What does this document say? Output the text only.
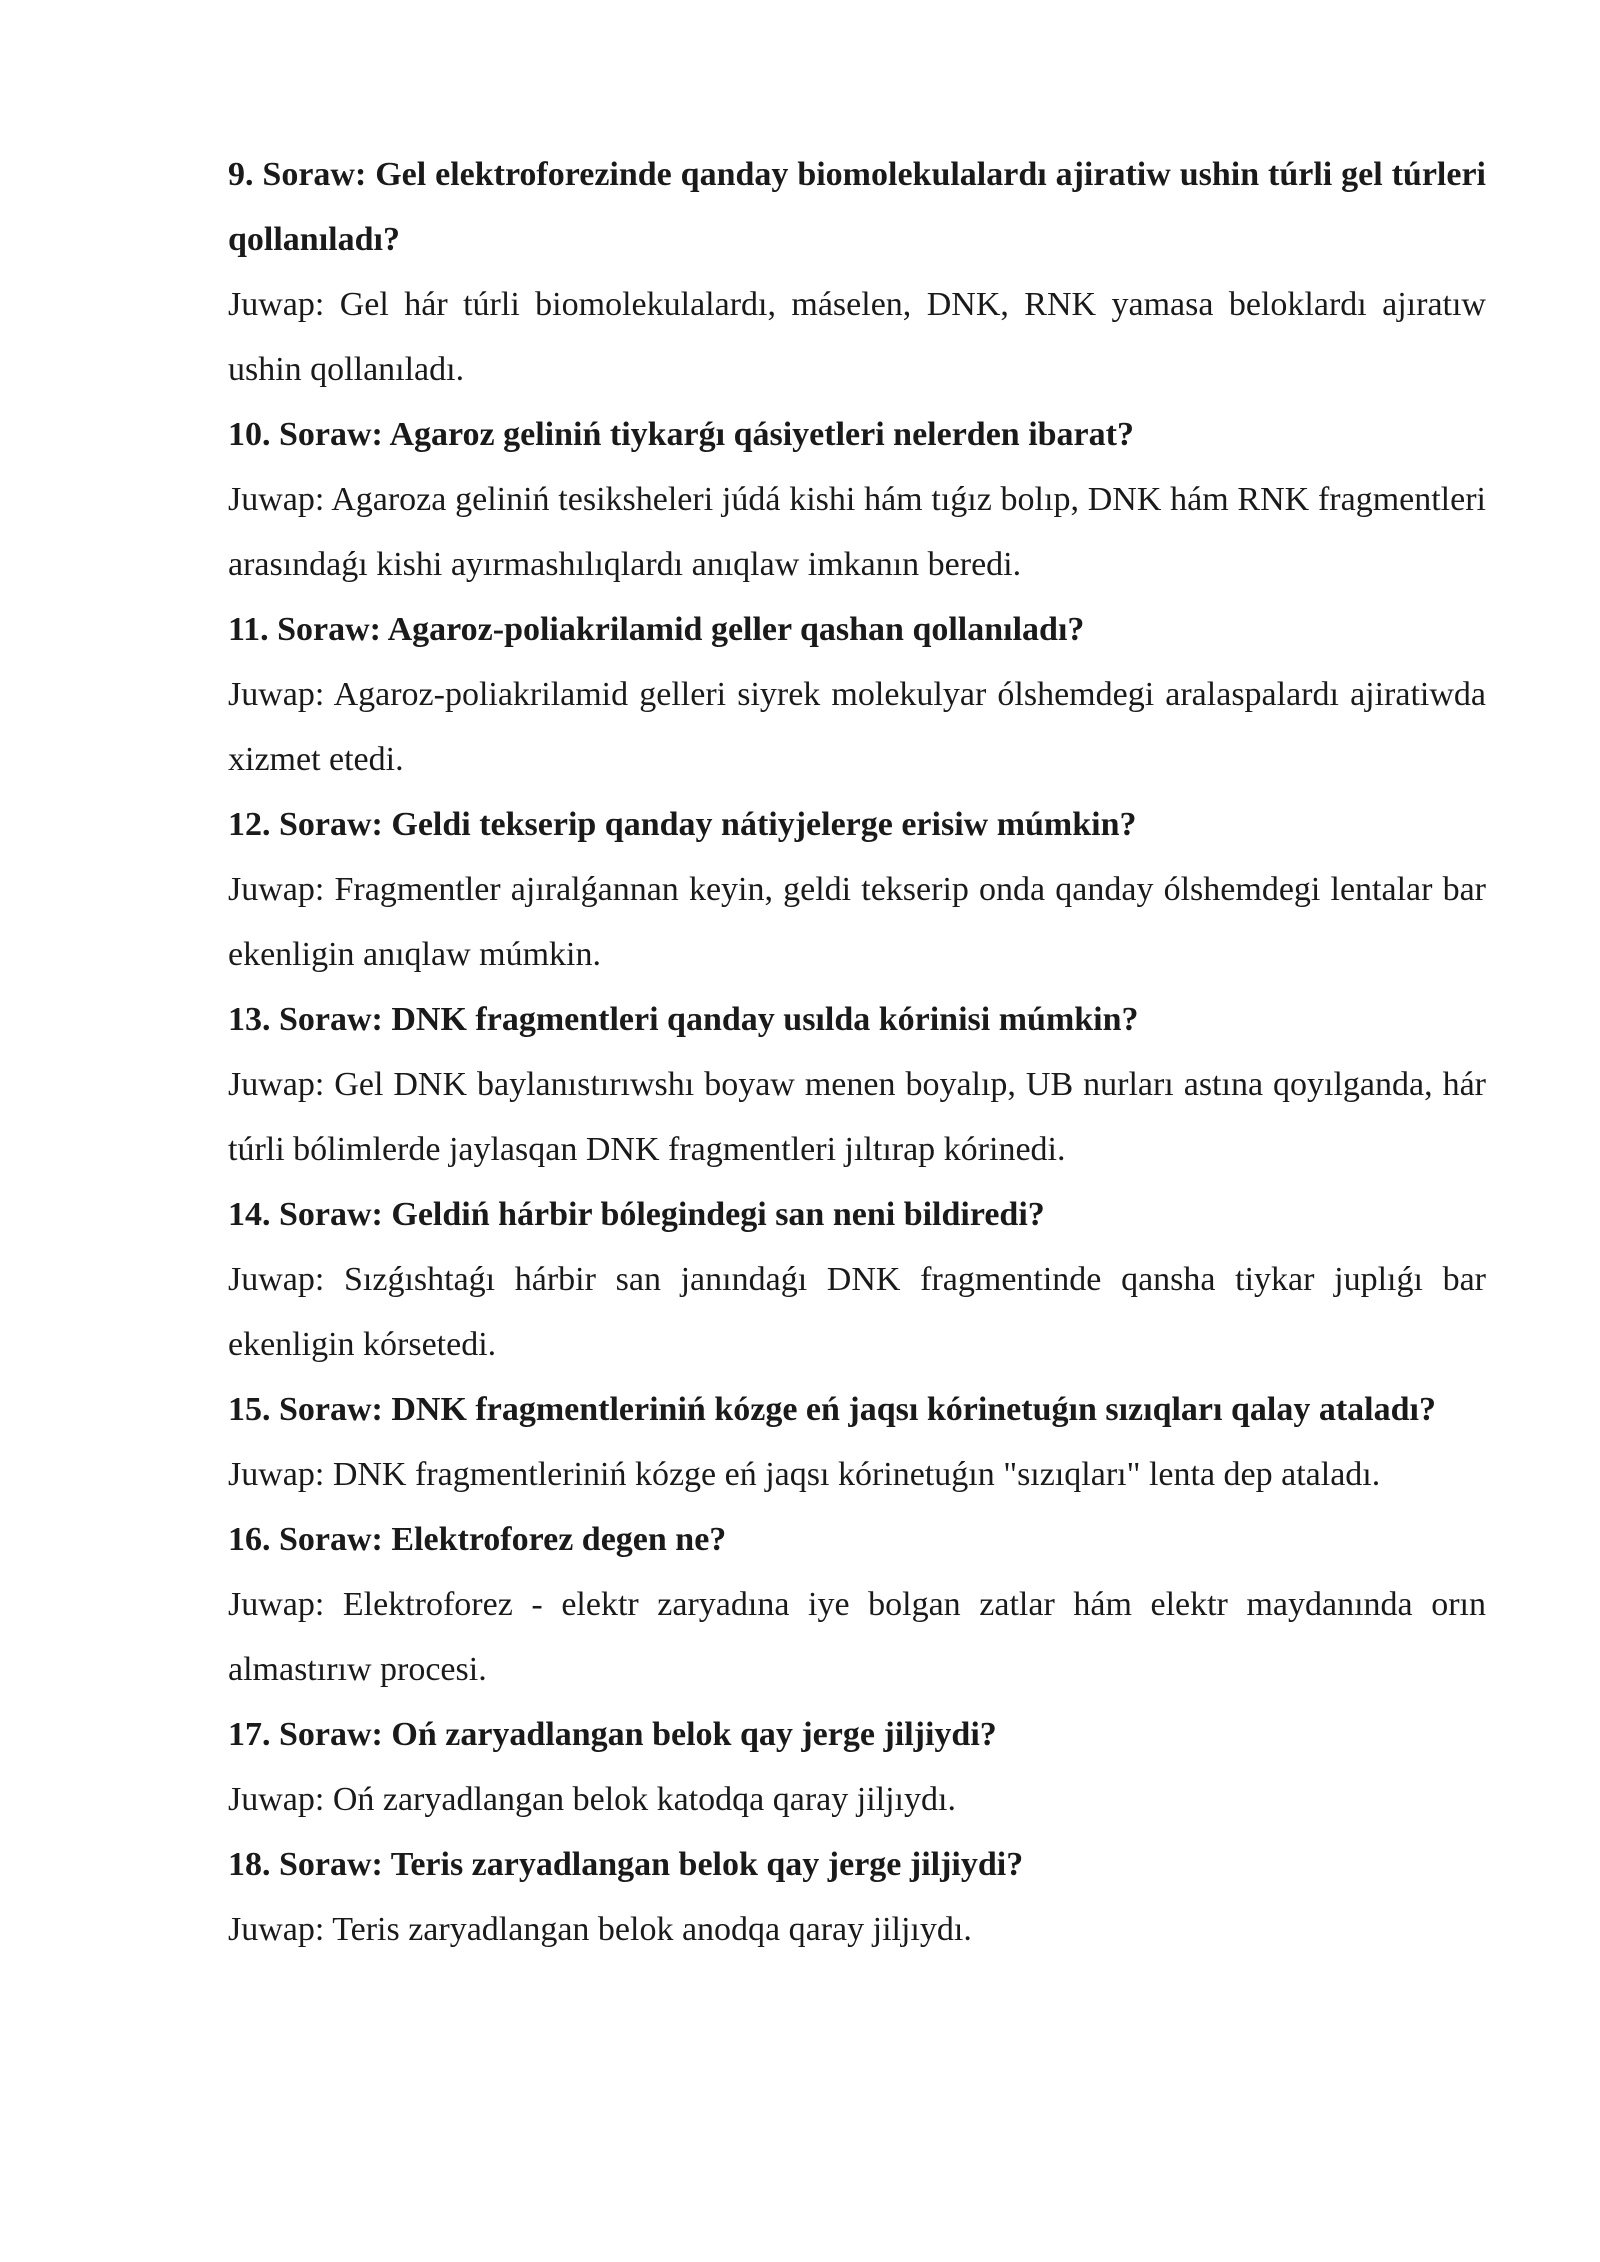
9. Soraw: Gel elektroforezinde qanday biomolekulalardı ajiratiw ushin túrli gel túrleri qollanıladı?

Juwap: Gel hár túrli biomolekulalardı, máselen, DNK, RNK yamasa beloklardı ajıratıw ushin qollanıladı.

10. Soraw: Agaroz geliniń tiykarǵı qásiyetleri nelerden ibarat?

Juwap: Agaroza geliniń tesiksheleri júdá kishi hám tıǵız bolıp, DNK hám RNK fragmentleri arasındaǵı kishi ayırmashılıqlardı anıqlaw imkanın beredi.

11. Soraw: Agaroz-poliakrilamid geller qashan qollanıladı?

Juwap: Agaroz-poliakrilamid gelleri siyrek molekulyar ólshemdegi aralaspalardı ajiratiwda xizmet etedi.

12. Soraw: Geldi tekserip qanday nátiyjelerge erisiw múmkin?

Juwap: Fragmentler ajıralǵannan keyin, geldi tekserip onda qanday ólshemdegi lentalar bar ekenligin anıqlaw múmkin.

13. Soraw: DNK fragmentleri qanday usılda kórinisi múmkin?

Juwap: Gel DNK baylanıstırıwshı boyaw menen boyalıp, UB nurları astına qoyılganda, hár túrli bólimlerde jaylasqan DNK fragmentleri jıltırap kórinedi.

14. Soraw: Geldiń hárbir bólegindegi san neni bildiredi?

Juwap: Sızǵıshtaǵı hárbir san janındaǵı DNK fragmentinde qansha tiykar juplıǵı bar ekenligin kórsetedi.

15. Soraw: DNK fragmentleriniń kózge eń jaqsı kórinetuǵın sızıqları qalay ataladı?

Juwap: DNK fragmentleriniń kózge eń jaqsı kórinetuǵın "sızıqları" lenta dep ataladı.

16. Soraw: Elektroforez degen ne?

Juwap: Elektroforez - elektr zaryadına iye bolgan zatlar hám elektr maydanında orın almastırıw procesi.

17. Soraw: Oń zaryadlangan belok qay jerge jiljiydi?

Juwap: Oń zaryadlangan belok katodqa qaray jiljıydı.

18. Soraw: Teris zaryadlangan belok qay jerge jiljiydi?

Juwap: Teris zaryadlangan belok anodqa qaray jiljıydı.
